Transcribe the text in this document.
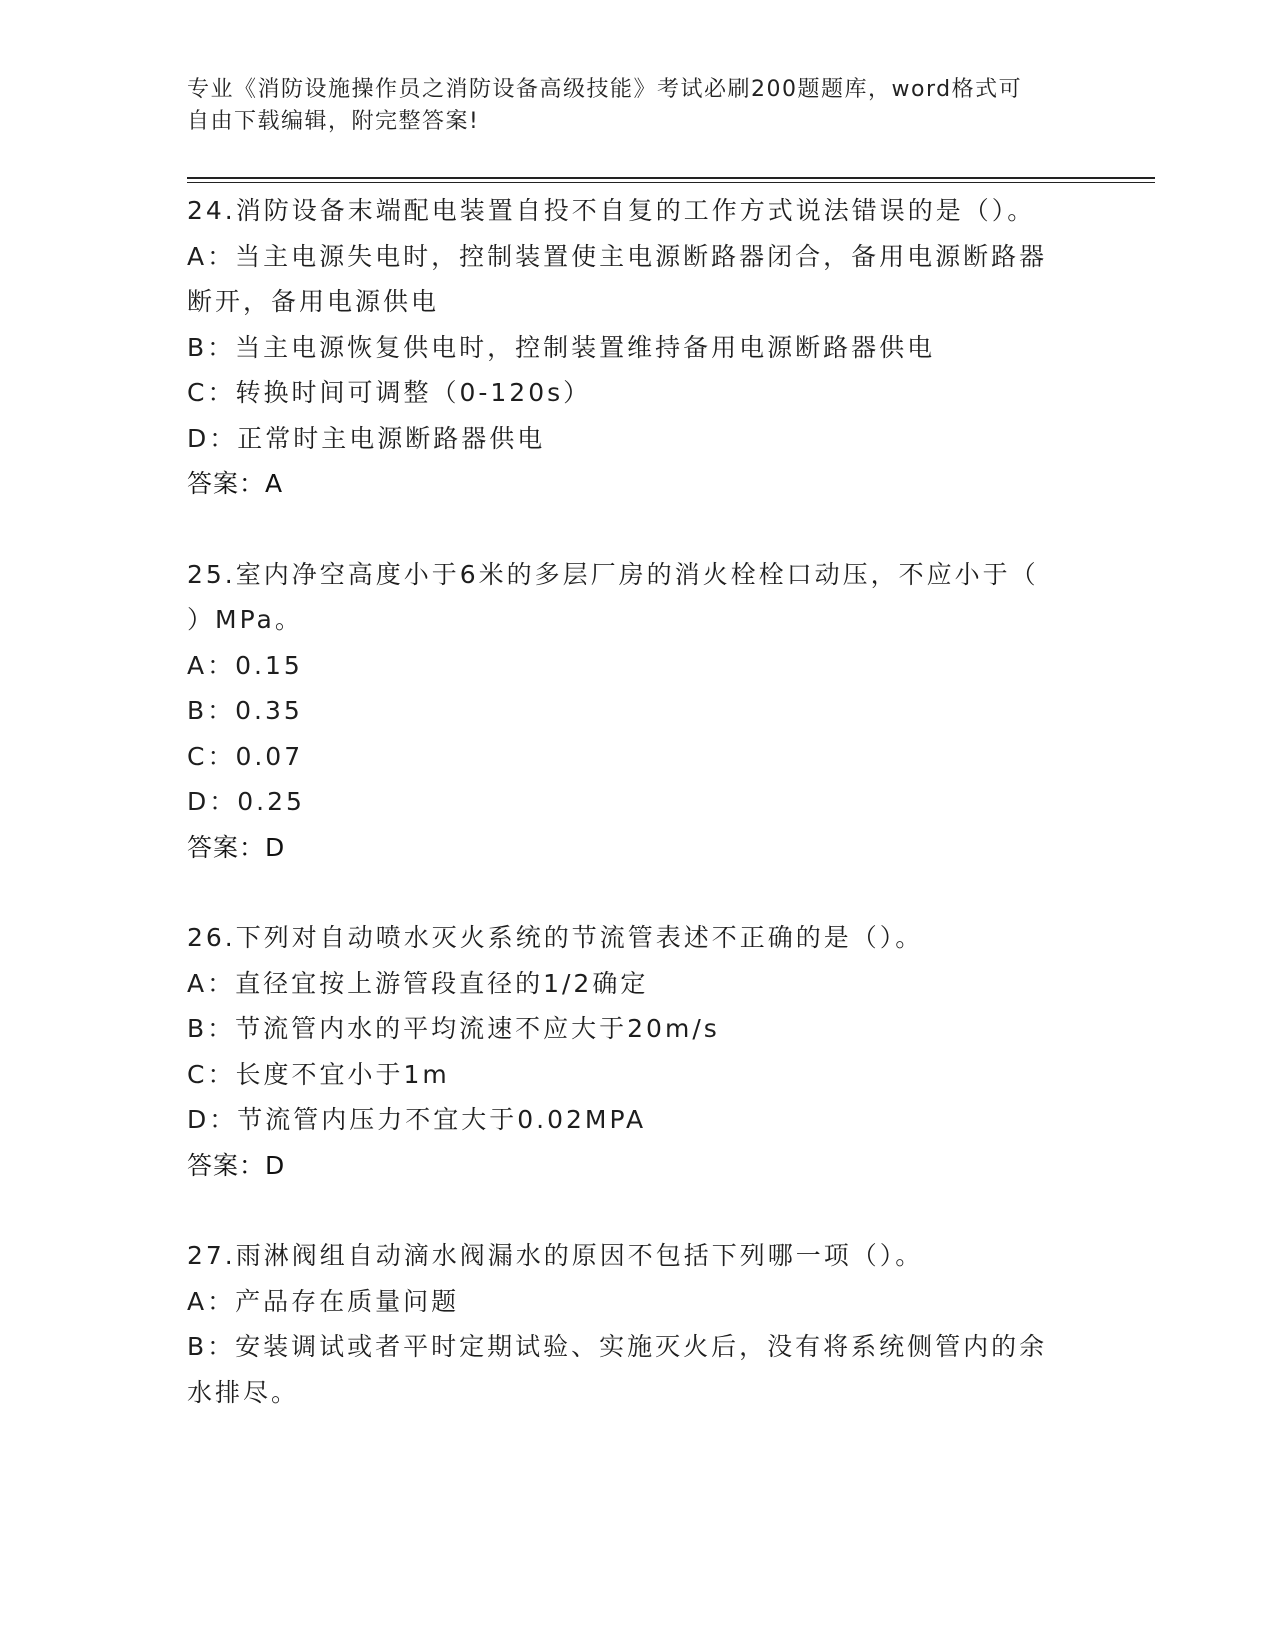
专业《消防设施操作员之消防设备高级技能》考试必刷200题题库，word格式可
自由下载编辑，附完整答案!
24.消防设备末端配电装置自投不自复的工作方式说法错误的是（）。
A：当主电源失电时，控制装置使主电源断路器闭合，备用电源断路器
断开，备用电源供电
B：当主电源恢复供电时，控制装置维持备用电源断路器供电
C：转换时间可调整（0-120s）
D：正常时主电源断路器供电
答案：A
25.室内净空高度小于6米的多层厂房的消火栓栓口动压，不应小于（
）MPa。
A：0.15
B：0.35
C：0.07
D：0.25
答案：D
26.下列对自动喷水灭火系统的节流管表述不正确的是（）。
A：直径宜按上游管段直径的1/2确定
B：节流管内水的平均流速不应大于20m/s
C：长度不宜小于1m
D：节流管内压力不宜大于0.02MPA
答案：D
27.雨淋阀组自动滴水阀漏水的原因不包括下列哪一项（）。
A：产品存在质量问题
B：安装调试或者平时定期试验、实施灭火后，没有将系统侧管内的余
水排尽。
